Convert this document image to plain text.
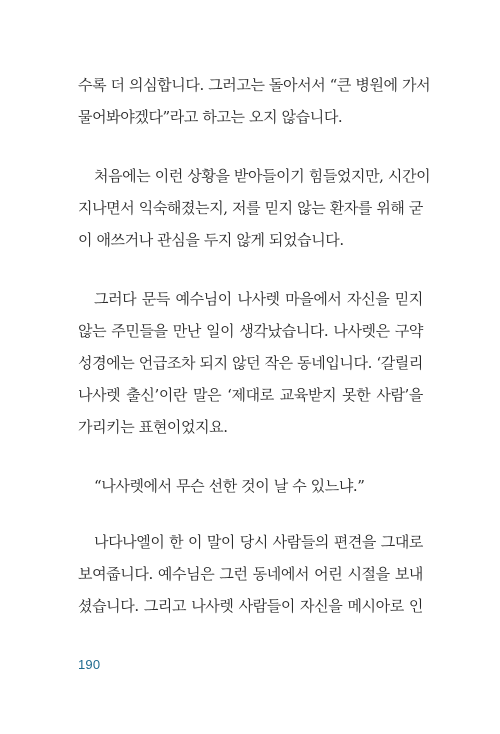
수록 더 의심합니다. 그러고는 돌아서서 “큰 병원에 가서
물어봐야겠다”라고 하고는 오지 않습니다.
처음에는 이런 상황을 받아들이기 힘들었지만, 시간이
지나면서 익숙해졌는지, 저를 믿지 않는 환자를 위해 굳
이 애쓰거나 관심을 두지 않게 되었습니다.
그러다 문득 예수님이 나사렛 마을에서 자신을 믿지
않는 주민들을 만난 일이 생각났습니다. 나사렛은 구약
성경에는 언급조차 되지 않던 작은 동네입니다. ‘갈릴리
나사렛 출신’이란 말은 ‘제대로 교육받지 못한 사람’을
가리키는 표현이었지요.
“나사렛에서 무슨 선한 것이 날 수 있느냐.”
나다나엘이 한 이 말이 당시 사람들의 편견을 그대로
보여줍니다. 예수님은 그런 동네에서 어린 시절을 보내
셨습니다. 그리고 나사렛 사람들이 자신을 메시아로 인
190
